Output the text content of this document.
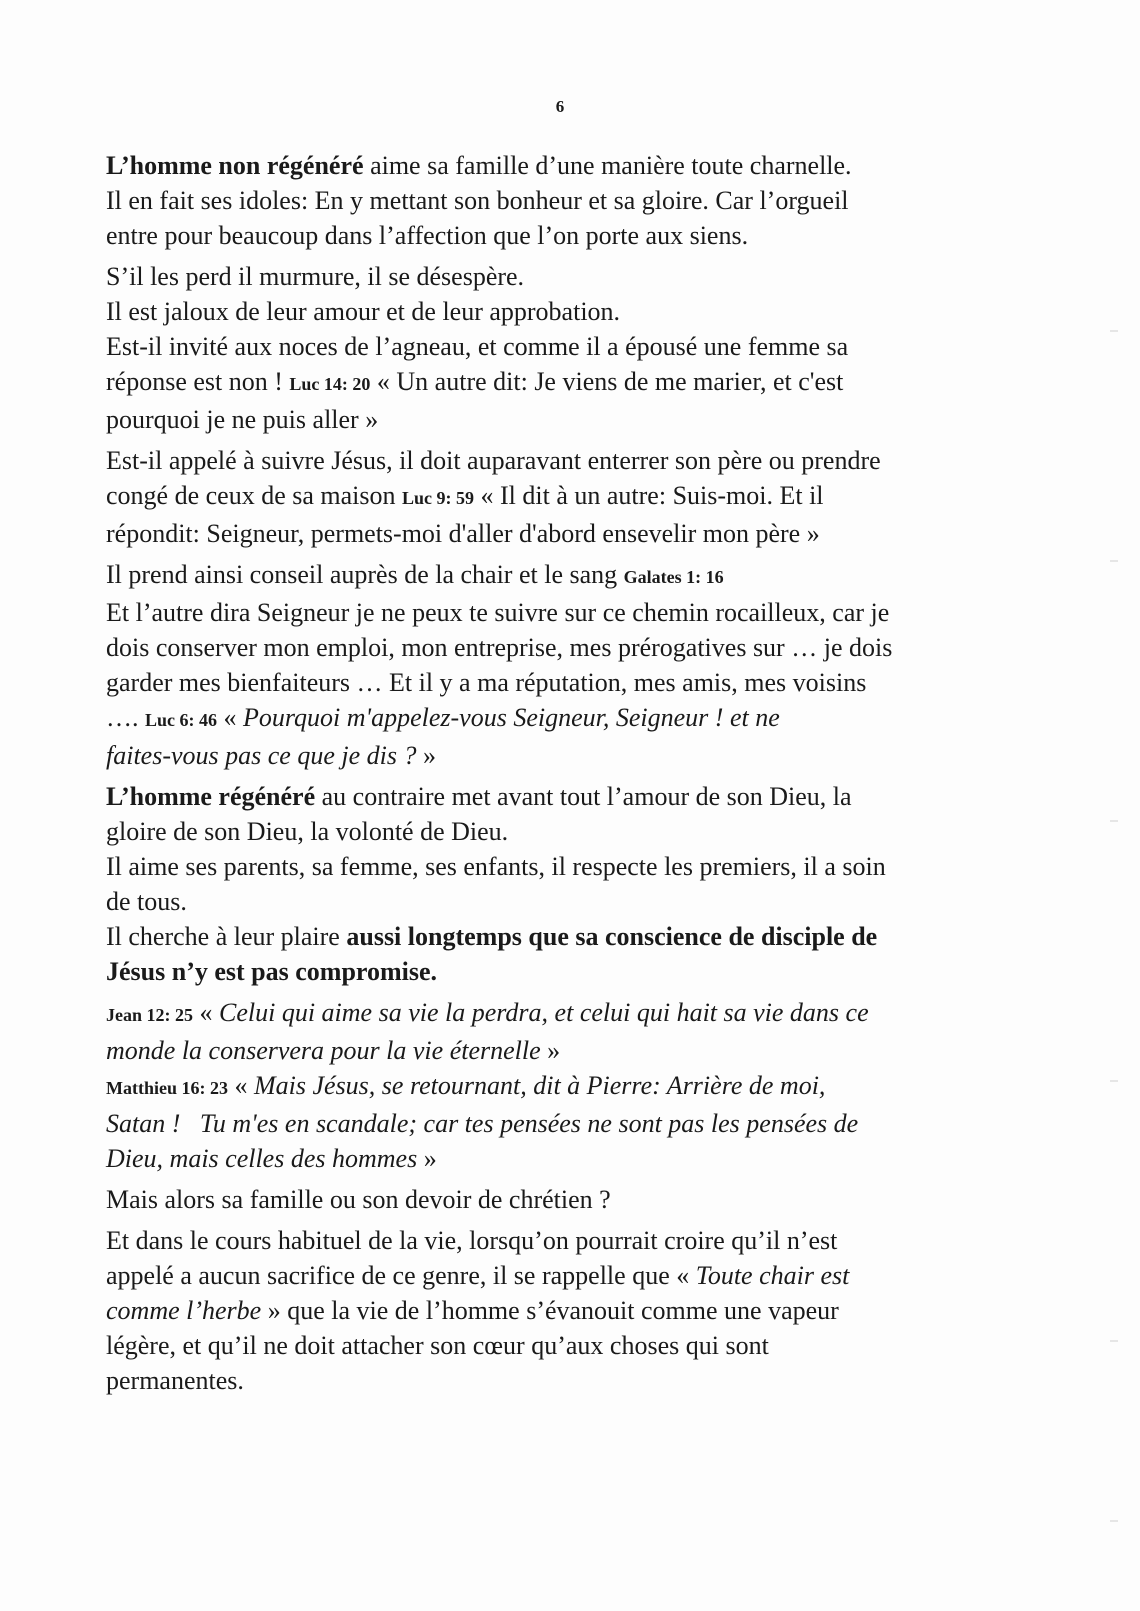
6

L’homme non régénéré aime sa famille d’une manière toute charnelle.
Il en fait ses idoles: En y mettant son bonheur et sa gloire. Car l’orgueil
entre pour beaucoup dans l’affection que l’on porte aux siens.

S’il les perd il murmure, il se désespère.
Il est jaloux de leur amour et de leur approbation.
Est-il invité aux noces de l’agneau, et comme il a épousé une femme sa
réponse est non ! Luc 14: 20 « Un autre dit: Je viens de me marier, et c'est
pourquoi je ne puis aller »

Est-il appelé à suivre Jésus, il doit auparavant enterrer son père ou prendre
congé de ceux de sa maison Luc 9: 59 « Il dit à un autre: Suis-moi. Et il
répondit: Seigneur, permets-moi d'aller d'abord ensevelir mon père »

Il prend ainsi conseil auprès de la chair et le sang Galates 1: 16
Et l’autre dira Seigneur je ne peux te suivre sur ce chemin rocailleux, car je
dois conserver mon emploi, mon entreprise, mes prérogatives sur … je dois
garder mes bienfaiteurs … Et il y a ma réputation, mes amis, mes voisins
…. Luc 6: 46 « Pourquoi m'appelez-vous Seigneur, Seigneur ! et ne
faites-vous pas ce que je dis ? »

L’homme régénéré au contraire met avant tout l’amour de son Dieu, la
gloire de son Dieu, la volonté de Dieu.
Il aime ses parents, sa femme, ses enfants, il respecte les premiers, il a soin
de tous.
Il cherche à leur plaire aussi longtemps que sa conscience de disciple de
Jésus n’y est pas compromise.

Jean 12: 25 « Celui qui aime sa vie la perdra, et celui qui hait sa vie dans ce
monde la conservera pour la vie éternelle »
Matthieu 16: 23 « Mais Jésus, se retournant, dit à Pierre: Arrière de moi,
Satan !   Tu m'es en scandale; car tes pensées ne sont pas les pensées de
Dieu, mais celles des hommes »

Mais alors sa famille ou son devoir de chrétien ?

Et dans le cours habituel de la vie, lorsqu’on pourrait croire qu’il n’est
appelé a aucun sacrifice de ce genre, il se rappelle que « Toute chair est
comme l’herbe » que la vie de l’homme s’évanouit comme une vapeur
légère, et qu’il ne doit attacher son cœur qu’aux choses qui sont
permanentes.
